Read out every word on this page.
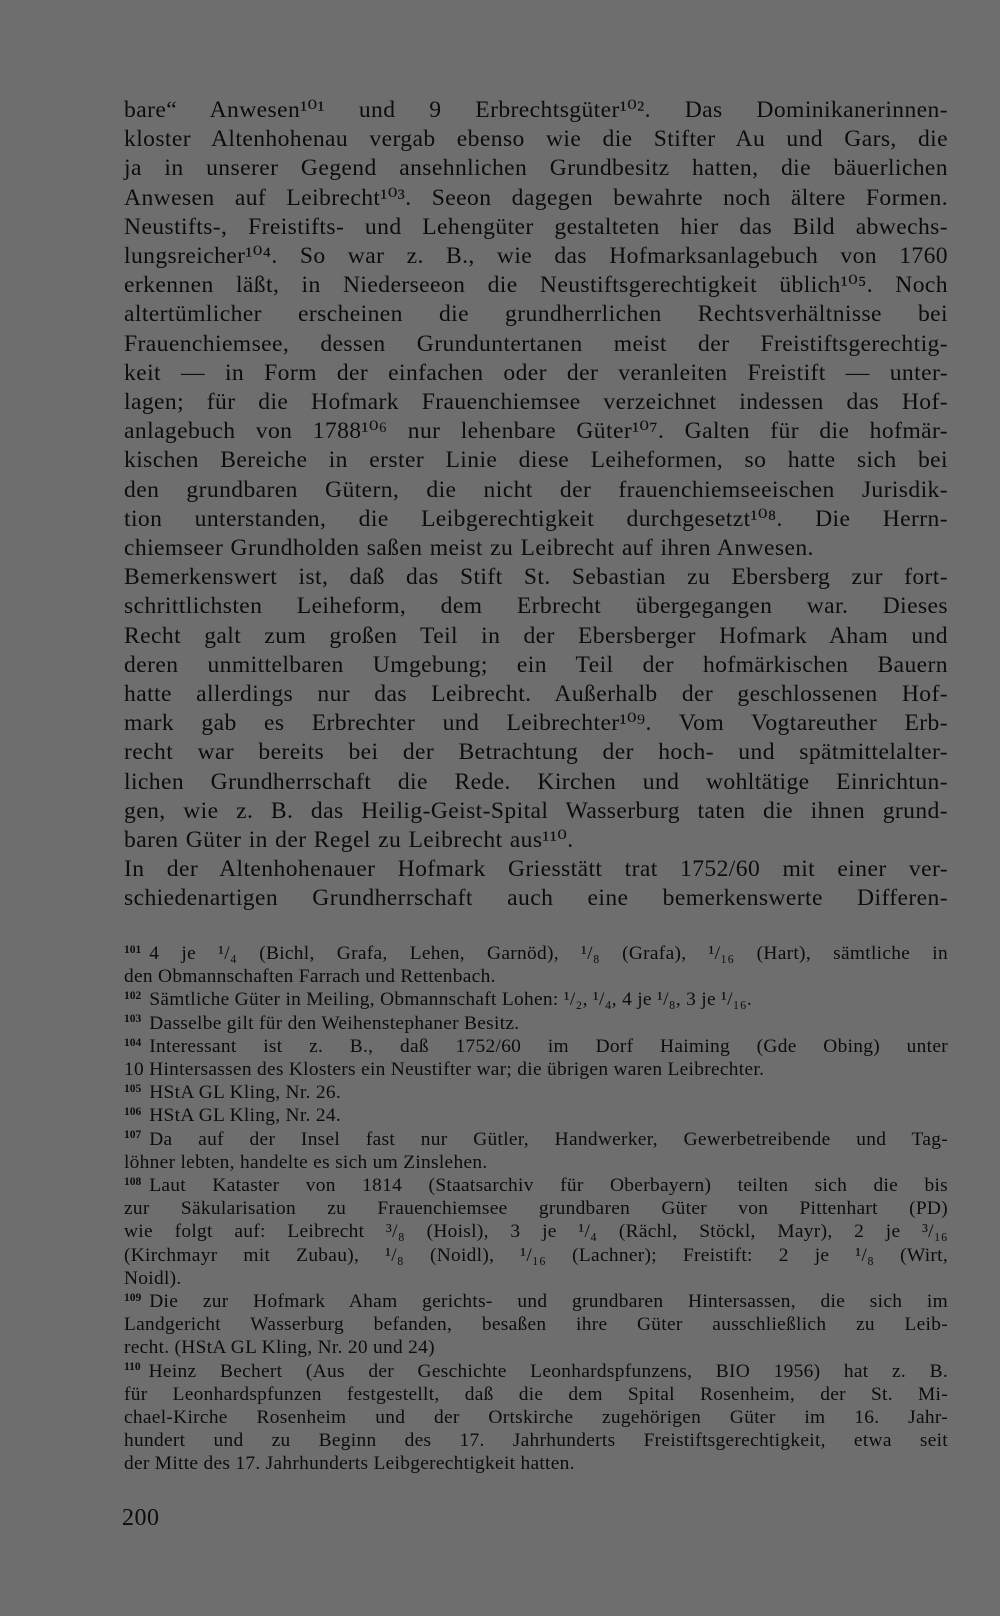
bare“ Anwesen¹⁰¹ und 9 Erbrechtsgüter¹⁰². Das Dominikanerinnen-
kloster Altenhohenau vergab ebenso wie die Stifter Au und Gars, die
ja in unserer Gegend ansehnlichen Grundbesitz hatten, die bäuerlichen
Anwesen auf Leibrecht¹⁰³. Seeon dagegen bewahrte noch ältere Formen.
Neustifts-, Freistifts- und Lehengüter gestalteten hier das Bild abwechs-
lungsreicher¹⁰⁴. So war z. B., wie das Hofmarksanlagebuch von 1760
erkennen läßt, in Niederseeon die Neustiftsgerechtigkeit üblich¹⁰⁵. Noch
altertümlicher erscheinen die grundherrlichen Rechtsverhältnisse bei
Frauenchiemsee, dessen Grunduntertanen meist der Freistiftsgerechtig-
keit — in Form der einfachen oder der veranleiten Freistift — unter-
lagen; für die Hofmark Frauenchiemsee verzeichnet indessen das Hof-
anlagebuch von 1788¹⁰⁶ nur lehenbare Güter¹⁰⁷. Galten für die hofmär-
kischen Bereiche in erster Linie diese Leiheformen, so hatte sich bei
den grundbaren Gütern, die nicht der frauenchiemseeischen Jurisdik-
tion unterstanden, die Leibgerechtigkeit durchgesetzt¹⁰⁸. Die Herrn-
chiemseer Grundholden saßen meist zu Leibrecht auf ihren Anwesen.
Bemerkenswert ist, daß das Stift St. Sebastian zu Ebersberg zur fort-
schrittlichsten Leiheform, dem Erbrecht übergegangen war. Dieses
Recht galt zum großen Teil in der Ebersberger Hofmark Aham und
deren unmittelbaren Umgebung; ein Teil der hofmärkischen Bauern
hatte allerdings nur das Leibrecht. Außerhalb der geschlossenen Hof-
mark gab es Erbrechter und Leibrechter¹⁰⁹. Vom Vogtareuther Erb-
recht war bereits bei der Betrachtung der hoch- und spätmittelalter-
lichen Grundherrschaft die Rede. Kirchen und wohltätige Einrichtun-
gen, wie z. B. das Heilig-Geist-Spital Wasserburg taten die ihnen grund-
baren Güter in der Regel zu Leibrecht aus¹¹⁰.
In der Altenhohenauer Hofmark Griesstätt trat 1752/60 mit einer ver-
schiedenartigen Grundherrschaft auch eine bemerkenswerte Differen-
$^{101}$ 4 je ¹/₄ (Bichl, Grafa, Lehen, Garnöd), ¹/₈ (Grafa), ¹/₁₆ (Hart), sämtliche in
den Obmannschaften Farrach und Rettenbach.
$^{102}$ Sämtliche Güter in Meiling, Obmannschaft Lohen: ¹/₂, ¹/₄, 4 je ¹/₈, 3 je ¹/₁₆.
$^{103}$ Dasselbe gilt für den Weihenstephaner Besitz.
$^{104}$ Interessant ist z. B., daß 1752/60 im Dorf Haiming (Gde Obing) unter
10 Hintersassen des Klosters ein Neustifter war; die übrigen waren Leibrechter.
$^{105}$ HStA GL Kling, Nr. 26.
$^{106}$ HStA GL Kling, Nr. 24.
$^{107}$ Da auf der Insel fast nur Gütler, Handwerker, Gewerbetreibende und Tag-
löhner lebten, handelte es sich um Zinslehen.
$^{108}$ Laut Kataster von 1814 (Staatsarchiv für Oberbayern) teilten sich die bis
zur Säkularisation zu Frauenchiemsee grundbaren Güter von Pittenhart (PD)
wie folgt auf: Leibrecht ³/₈ (Hoisl), 3 je ¹/₄ (Rächl, Stöckl, Mayr), 2 je ³/₁₆
(Kirchmayr mit Zubau), ¹/₈ (Noidl), ¹/₁₆ (Lachner); Freistift: 2 je ¹/₈ (Wirt,
Noidl).
$^{109}$ Die zur Hofmark Aham gerichts- und grundbaren Hintersassen, die sich im
Landgericht Wasserburg befanden, besaßen ihre Güter ausschließlich zu Leib-
recht. (HStA GL Kling, Nr. 20 und 24)
$^{110}$ Heinz Bechert (Aus der Geschichte Leonhardspfunzens, BIO 1956) hat z. B.
für Leonhardspfunzen festgestellt, daß die dem Spital Rosenheim, der St. Mi-
chael-Kirche Rosenheim und der Ortskirche zugehörigen Güter im 16. Jahr-
hundert und zu Beginn des 17. Jahrhunderts Freistiftsgerechtigkeit, etwa seit
der Mitte des 17. Jahrhunderts Leibgerechtigkeit hatten.
200
